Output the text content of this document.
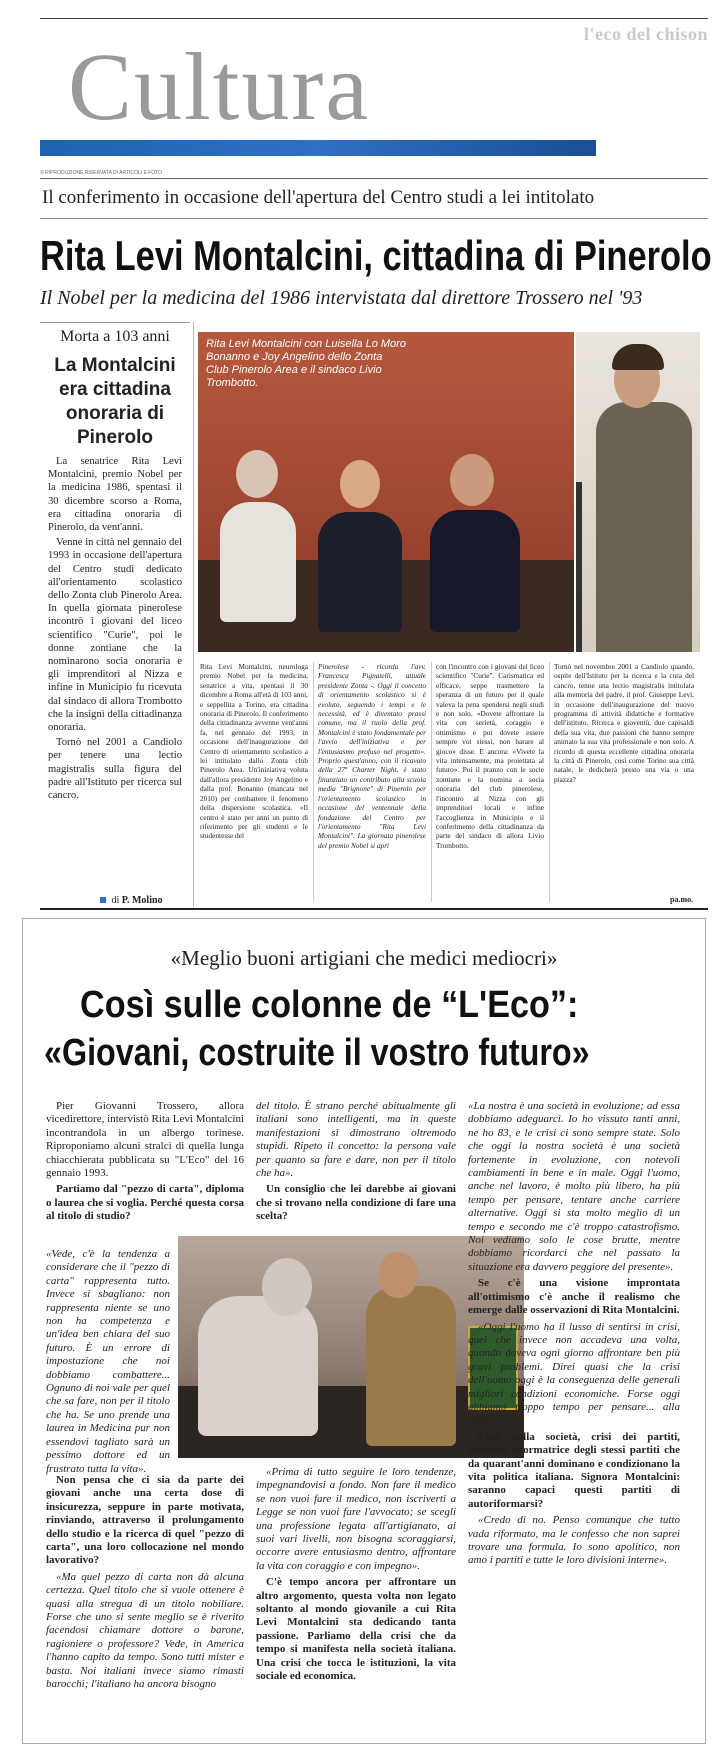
l'eco del chison
Cultura
© RIPRODUZIONE RISERVATA DI ARTICOLI E FOTO
Il conferimento in occasione dell'apertura del Centro studi a lei intitolato
Rita Levi Montalcini, cittadina di Pinerolo
Il Nobel per la medicina del 1986 intervistata dal direttore Trossero nel '93
Morta a 103 anni
La Montalcini era cittadina onoraria di Pinerolo

La senatrice Rita Levi Montalcini, premio Nobel per la medicina 1986, spentasi il 30 dicembre scorso a Roma, era cittadina onoraria di Pinerolo, da vent'anni.

Venne in città nel gennaio del 1993 in occasione dell'apertura del Centro studi dedicato all'orientamento scolastico dello Zonta club Pinerolo Area. In quella giornata pinerolese incontrò i giovani del liceo scientifico "Curie", poi le donne zontiane che la nominarono socia onoraria e gli imprenditori al Nizza e infine in Municipio fu ricevuta dal sindaco di allora Trombotto che la insignì della cittadinanza onoraria.

Tornò nel 2001 a Candiolo per tenere una lectio magistralis sulla figura del padre all'Istituto per ricerca sul cancro.

di P. Molino
Rita Levi Montalcini con Luisella Lo Moro Bonanno e Joy Angelino dello Zonta Club Pinerolo Area e il sindaco Livio Trombotto.
Rita Levi Montalcini, neurologa premio Nobel per la medicina, senatrice a vita, spentasi il 30 dicembre a Roma all'età di 103 anni, e seppellita a Torino, era cittadina onoraria di Pinerolo. Il conferimento della cittadinanza avvenne vent'anni fa, nel gennaio del 1993, in occasione dell'inaugurazione del Centro di orientamento scolastico a lei intitolato dallo Zonta club Pinerolo Area. Un'iniziativa voluta dall'allora presidente Joy Angelino e dalla prof. Bonanno (mancata nel 2010) per combattere il fenomeno della dispersione scolastica. «Il centro è stato per anni un punto di riferimento per gli studenti e le studentesse del
Pinerolese - ricorda l'avv. Francesca Pignatelli, attuale presidente Zonta -. Oggi il concetto di orientamento scolastico si è evoluto, seguendo i tempi e le necessità, ed è diventato prassi comune, ma il ruolo della prof. Montalcini è stato fondamentale per l'avvio dell'iniziativa e per l'entusiasmo profuso nel progetto». Proprio quest'anno, con il ricavato della 27ª Charter Night, è stato finanziato un contributo alla scuola media "Brignone" di Pinerolo per l'orientamento scolastico in occasione del ventennale della fondazione del Centro per l'orientamento "Rita Levi Montalcini". La giornata pinerolese del premio Nobel si aprì
con l'incontro con i giovani del liceo scientifico "Curie". Carismatica ed efficace, seppe trasmettere la speranza di un futuro per il quale valeva la pena spendersi negli studi e non solo. «Dovete affrontare la vita con serietà, coraggio e ottimismo e poi dovete essere sempre voi stessi, non barare al gioco» disse. E ancora: «Vivete la vita intensamente, ma proiettata al futuro». Poi il pranzo con le socie zontiane e la nomina a socia onoraria del club pinerolese, l'incontro al Nizza con gli imprenditori locali e infine l'accoglienza in Municipio e il conferimento della cittadinanza da parte del sindaco di allora Livio Trombotto.
Tornò nel novembre 2001 a Candiolo quando, ospite dell'Istituto per la ricerca e la cura del cancro, tenne una lectio magistralis intitolata alla memoria del padre, il prof. Giuseppe Levi, in occasione dell'inaugurazione del nuovo programma di attività didattiche e formative dell'istituto. Ricerca e gioventù, due capisaldi della sua vita, due passioni che hanno sempre animato la sua vita professionale e non solo. A ricordo di questa eccellente cittadina onoraria la città di Pinerolo, così come Torino sua città natale, le dedicherà presto una via o una piazza?
pa.mo.
«Meglio buoni artigiani che medici mediocri»
Così sulle colonne de “L'Eco”:
«Giovani, costruite il vostro futuro»

Pier Giovanni Trossero, allora vicedirettore, intervistò Rita Levi Montalcini incontrandola in un albergo torinese. Riproponiamo alcuni stralci di quella lunga chiacchierata pubblicata su "L'Eco" del 16 gennaio 1993.

Partiamo dal "pezzo di carta", diploma o laurea che si voglia. Perché questa corsa al titolo di studio?

«Vede, c'è la tendenza a considerare che il "pezzo di carta" rappresenta tutto. Invece si sbagliano: non rappresenta niente se uno non ha competenza e un'idea ben chiara del suo futuro. È un errore di impostazione che noi dobbiamo combattere... Ognuno di noi vale per quel che sa fare, non per il titolo che ha. Se uno prende una laurea in Medicina pur non essendovi tagliato sarà un pessimo dottore ed un frustrato tutta la vita».

Non pensa che ci sia da parte dei giovani anche una certa dose di insicurezza, seppure in parte motivata, rinviando, attraverso il prolungamento dello studio e la ricerca di quel "pezzo di carta", una loro collocazione nel mondo lavorativo?

«Ma quel pezzo di carta non dà alcuna certezza. Quel titolo che si vuole ottenere è quasi alla stregua di un titolo nobiliare. Forse che uno si sente meglio se è riverito facendosi chiamare dottore o barone, ragioniere o professore? Vede, in America l'hanno capito da tempo. Sono tutti mister e basta. Noi italiani invece siamo rimasti barocchi; l'italiano ha ancora bisogno

del titolo. È strano perché abitualmente gli italiani sono intelligenti, ma in queste manifestazioni si dimostrano oltremodo stupidi. Ripeto il concetto: la persona vale per quanto sa fare e dare, non per il titolo che ha».

Un consiglio che lei darebbe ai giovani che si trovano nella condizione di fare una scelta?

«Prima di tutto seguire le loro tendenze, impegnandovisi a fondo. Non fare il medico se non vuoi fare il medico, non iscriverti a Legge se non vuoi fare l'avvocato; se scegli una professione legata all'artigianato, ai suoi vari livelli, non bisogna scoraggiarsi, occorre avere entusiasmo dentro, affrontare la vita con coraggio e con impegno».

C'è tempo ancora per affrontare un altro argomento, questa volta non legato soltanto al mondo giovanile a cui Rita Levi Montalcini sta dedicando tanta passione. Parliamo della crisi che da tempo si manifesta nella società italiana. Una crisi che tocca le istituzioni, la vita sociale ed economica.

«La nostra è una società in evoluzione; ad essa dobbiamo adeguarci. Io ho vissuto tanti anni, ne ho 83, e le crisi ci sono sempre state. Solo che oggi la nostra società è una società fortemente in evoluzione, con notevoli cambiamenti in bene e in male. Oggi l'uomo, anche nel lavoro, è molto più libero, ha più tempo per pensare, tentare anche carriere alternative. Oggi si sta molto meglio di un tempo e secondo me c'è troppo catastrofismo. Noi vediamo solo le cose brutte, mentre dobbiamo ricordarci che nel passato la situazione era davvero peggiore del presente».

Se c'è una visione improntata all'ottimismo c'è anche il realismo che emerge dalle osservazioni di Rita Montalcini.

«Oggi l'uomo ha il lusso di sentirsi in crisi, quel che invece non accadeva una volta, quando doveva ogni giorno affrontare ben più gravi problemi. Direi quasi che la crisi dell'uomo oggi è la conseguenza delle generali migliori condizioni economiche. Forse oggi abbiamo troppo tempo per pensare... alla crisi».

Crisi della società, crisi dei partiti, capacità riformatrice degli stessi partiti che da quarant'anni dominano e condizionano la vita politica italiana. Signora Montalcini: saranno capaci questi partiti di autoriformarsi?

«Credo di no. Penso comunque che tutto vada riformato, ma le confesso che non saprei trovare una formula. Io sono apolitico, non amo i partiti e tutte le loro divisioni interne».
